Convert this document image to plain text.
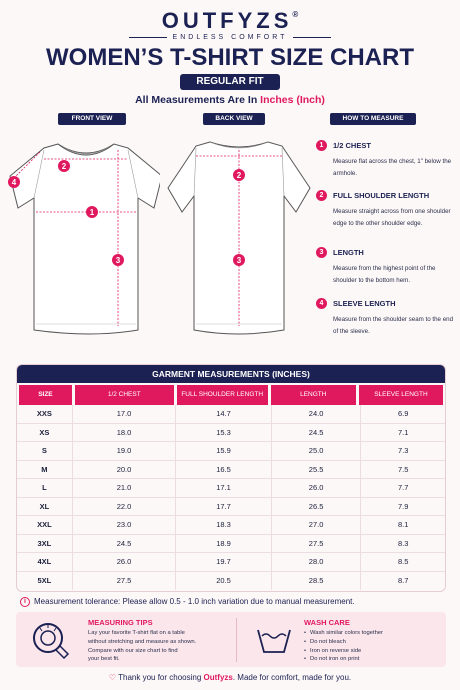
OUTFYZS®
ENDLESS COMFORT
WOMEN’S T-SHIRT SIZE CHART
REGULAR FIT
All Measurements Are In Inches (Inch)
FRONT VIEW	BACK VIEW	HOW TO MEASURE
1
2
3
4
2
3
1	1/2 CHEST
Measure flat across the chest, 1" below the armhole.
2	FULL SHOULDER LENGTH
Measure straight across from one shoulder edge to the other shoulder edge.
3	LENGTH
Measure from the highest point of the shoulder to the bottom hem.
4	SLEEVE LENGTH
Measure from the shoulder seam to the end of the sleeve.
GARMENT MEASUREMENTS (INCHES)
SIZE	1/2 CHEST	FULL SHOULDER LENGTH	LENGTH	SLEEVE LENGTH
XXS	17.0	14.7	24.0	6.9
XS	18.0	15.3	24.5	7.1
S	19.0	15.9	25.0	7.3
M	20.0	16.5	25.5	7.5
L	21.0	17.1	26.0	7.7
XL	22.0	17.7	26.5	7.9
XXL	23.0	18.3	27.0	8.1
3XL	24.5	18.9	27.5	8.3
4XL	26.0	19.7	28.0	8.5
5XL	27.5	20.5	28.5	8.7
i Measurement tolerance: Please allow 0.5 - 1.0 inch variation due to manual measurement.
MEASURING TIPS
Lay your favorite T-shirt flat on a table
without stretching and measure as shown.
Compare with our size chart to find
your best fit.
WASH CARE
• Wash similar colors together
• Do not bleach
• Iron on reverse side
• Do not iron on print
♡ Thank you for choosing Outfyzs. Made for comfort, made for you.
